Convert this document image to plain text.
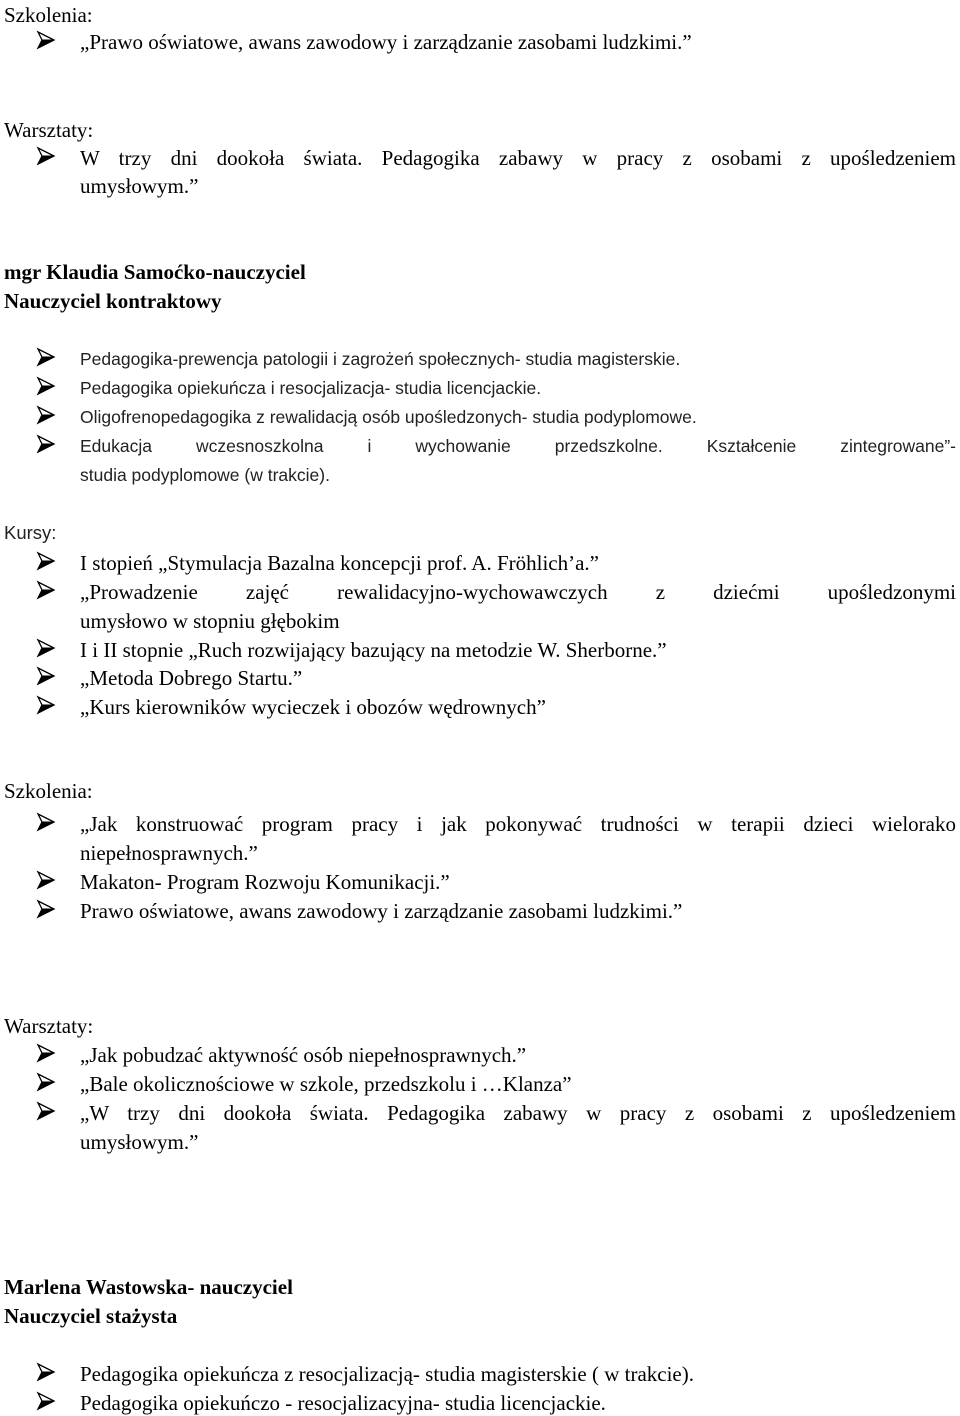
Szkolenia:
„Prawo oświatowe, awans zawodowy i zarządzanie zasobami ludzkimi.”
Warsztaty:
W trzy dni dookoła świata. Pedagogika zabawy w pracy z osobami z upośledzeniem
umysłowym.”
mgr Klaudia Samoćko-nauczyciel
Nauczyciel kontraktowy
Pedagogika-prewencja patologii i zagrożeń społecznych- studia magisterskie.
Pedagogika opiekuńcza i resocjalizacja- studia licencjackie.
Oligofrenopedagogika z rewalidacją osób upośledzonych- studia podyplomowe.
Edukacja wczesnoszkolna i wychowanie przedszkolne. Kształcenie zintegrowane”-
studia podyplomowe (w trakcie).
Kursy:
I stopień „Stymulacja Bazalna koncepcji prof. A. Fröhlich’a.”
„Prowadzenie zajęć rewalidacyjno-wychowawczych z dziećmi upośledzonymi
umysłowo w stopniu głębokim
I i II stopnie „Ruch rozwijający bazujący na metodzie W. Sherborne.”
„Metoda Dobrego Startu.”
„Kurs kierowników wycieczek i obozów wędrownych”
Szkolenia:
„Jak konstruować program pracy i jak pokonywać trudności w terapii dzieci wielorako
niepełnosprawnych.”
Makaton- Program Rozwoju Komunikacji.”
Prawo oświatowe, awans zawodowy i zarządzanie zasobami ludzkimi.”
Warsztaty:
„Jak pobudzać aktywność osób niepełnosprawnych.”
„Bale okolicznościowe w szkole, przedszkolu i …Klanza”
„W trzy dni dookoła świata. Pedagogika zabawy w pracy z osobami z upośledzeniem
umysłowym.”
Marlena Wastowska- nauczyciel
Nauczyciel stażysta
Pedagogika opiekuńcza z resocjalizacją- studia magisterskie ( w trakcie).
Pedagogika opiekuńczo - resocjalizacyjna- studia licencjackie.
